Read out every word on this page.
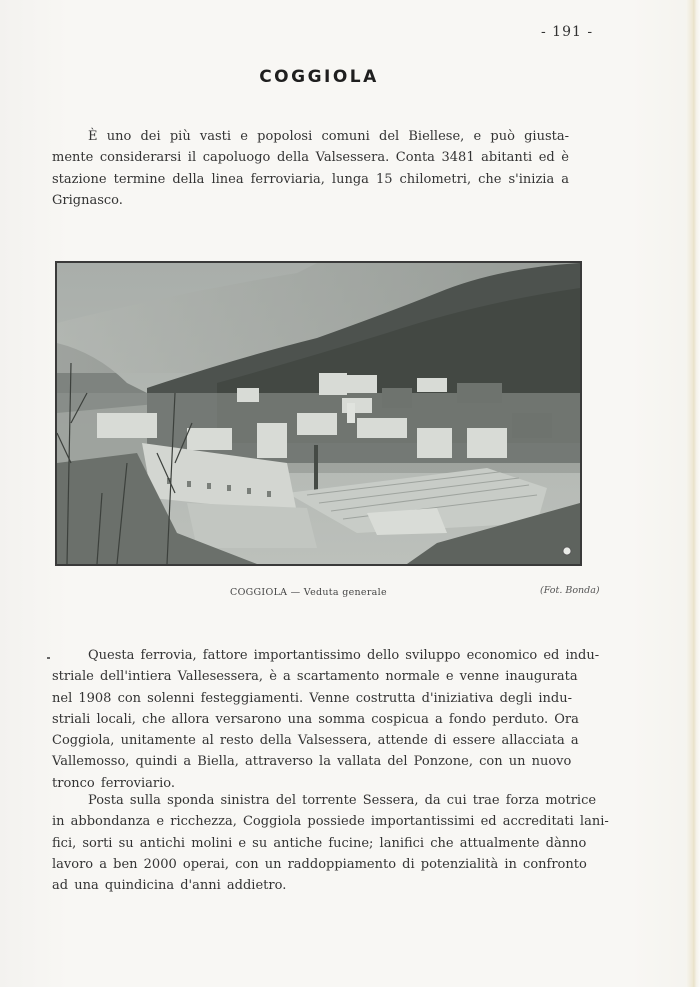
- 191 -
COGGIOLA
È uno dei più vasti e popolosi comuni del Biellese, e può giusta-
mente considerarsi il capoluogo della Valsessera. Conta 3481 abitanti ed è
stazione termine della linea ferroviaria, lunga 15 chilometri, che s'inizia a
Grignasco.
COGGIOLA — Veduta generale	(Fot. Bonda)
Questa ferrovia, fattore importantissimo dello sviluppo economico ed indu-
striale dell'intiera Vallesessera, è a scartamento normale e venne inaugurata
nel 1908 con solenni festeggiamenti. Venne costrutta d'iniziativa degli indu-
striali locali, che allora versarono una somma cospicua a fondo perduto. Ora
Coggiola, unitamente al resto della Valsessera, attende di essere allacciata a
Vallemosso, quindi a Biella, attraverso la vallata del Ponzone, con un nuovo
tronco ferroviario.
Posta sulla sponda sinistra del torrente Sessera, da cui trae forza motrice
in abbondanza e ricchezza, Coggiola possiede importantissimi ed accreditati lani-
fici, sorti su antichi molini e su antiche fucine; lanifici che attualmente dànno
lavoro a ben 2000 operai, con un raddoppiamento di potenzialità in confronto
ad una quindicina d'anni addietro.
